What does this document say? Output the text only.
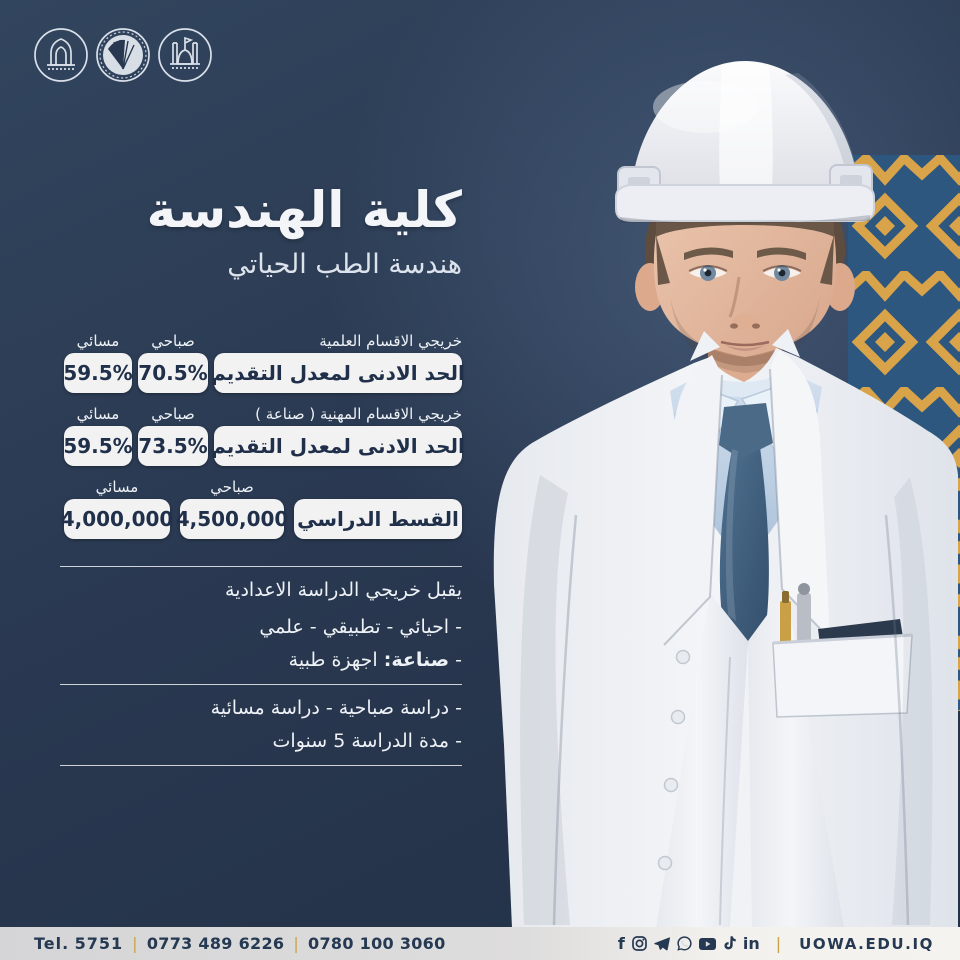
كلية الهندسة
هندسة الطب الحياتي
خريجي الاقسام العلمية
صباحي
مسائي
الحد الادنى لمعدل التقديم
70.5%
59.5%
خريجي الاقسام المهنية ( صناعة )
صباحي
مسائي
الحد الادنى لمعدل التقديم
73.5%
59.5%
صباحي
مسائي
القسط الدراسي
4,500,000
4,000,000

يقبل خريجي الدراسة الاعدادية

- احيائي - تطبيقي - علمي

- صناعة: اجهزة طبية

- دراسة صباحية - دراسة مسائية

- مدة الدراسة 5 سنوات

Tel.
5751 | 0773 489 6226 | 0780 100 3060	f	in | UOWA.EDU.IQ
